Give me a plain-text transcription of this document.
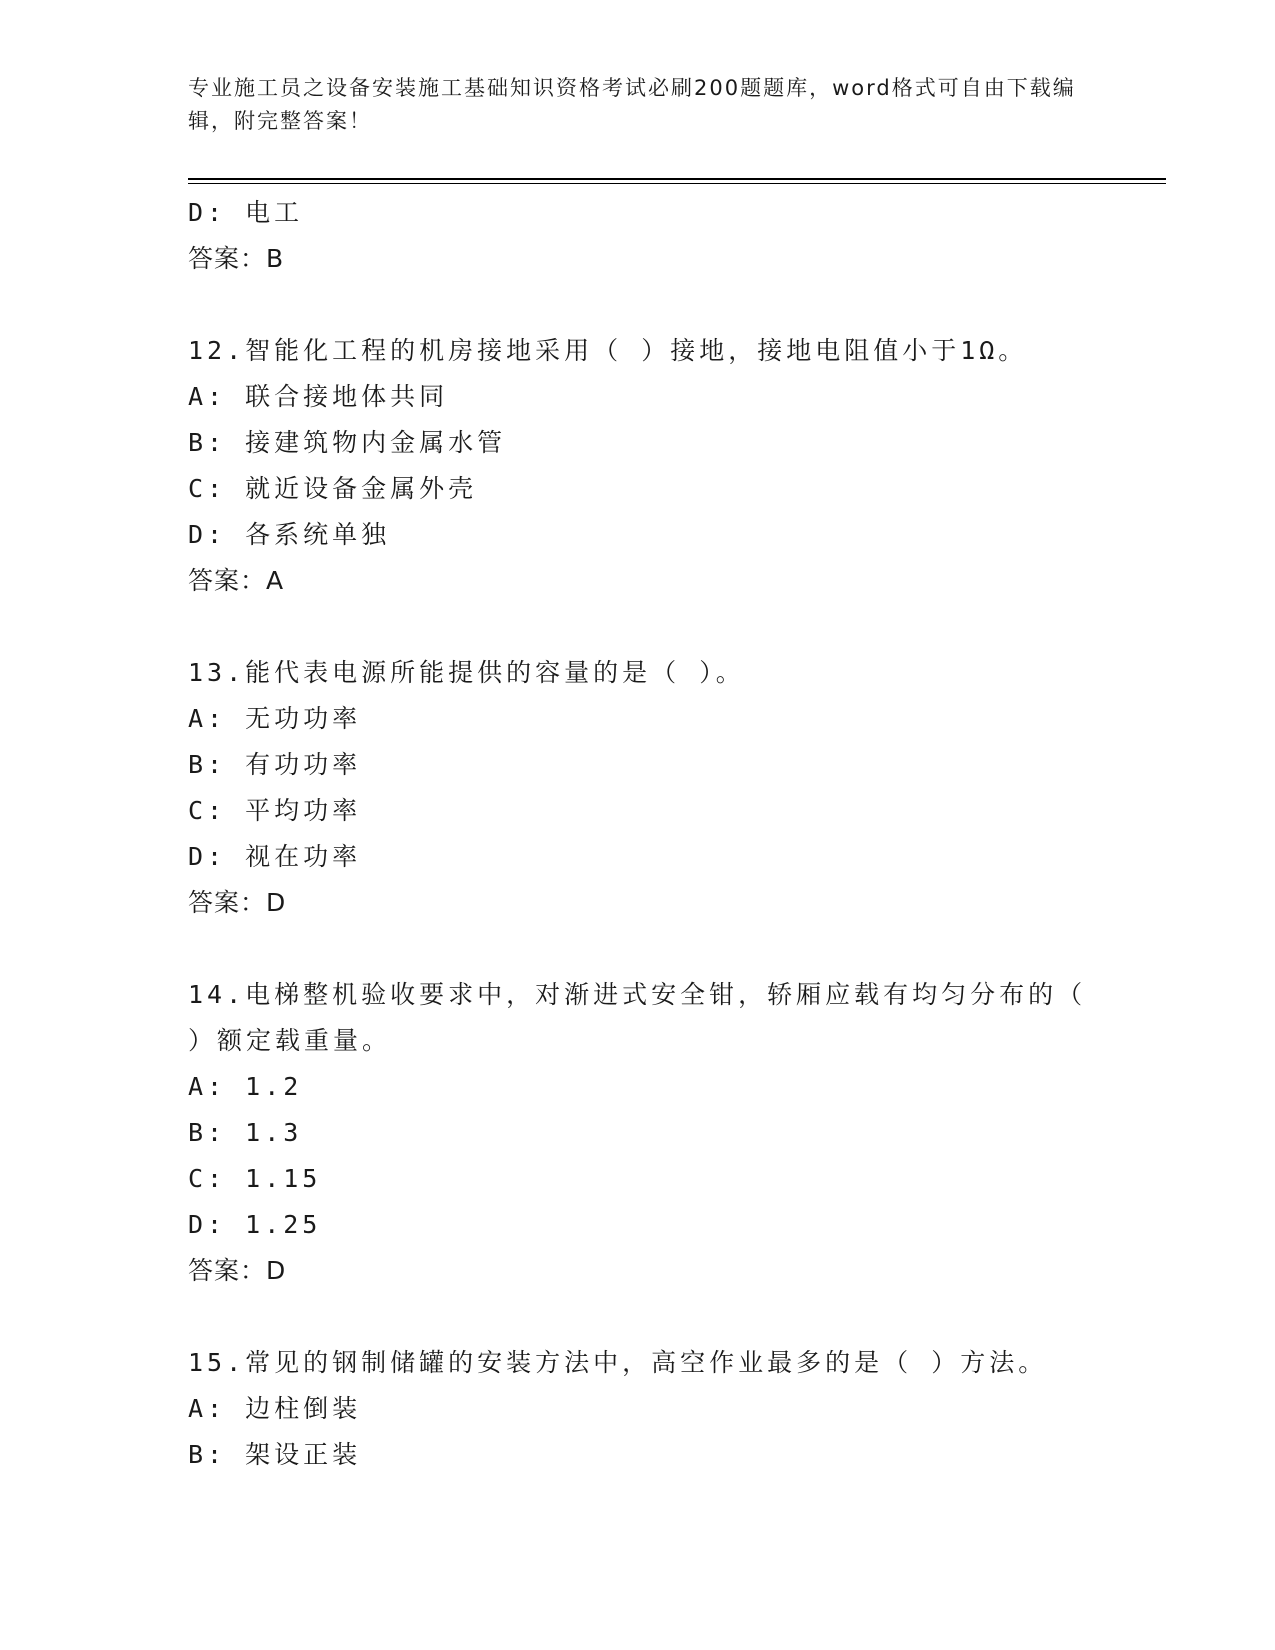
专业施工员之设备安装施工基础知识资格考试必刷200题题库，word格式可自由下载编辑，附完整答案！
D: 电工
答案：B
12.智能化工程的机房接地采用（ ）接地，接地电阻值小于1Ω。
A: 联合接地体共同
B: 接建筑物内金属水管
C: 就近设备金属外壳
D: 各系统单独
答案：A
13.能代表电源所能提供的容量的是（ ）。
A: 无功功率
B: 有功功率
C: 平均功率
D: 视在功率
答案：D
14.电梯整机验收要求中，对渐进式安全钳，轿厢应载有均匀分布的（ ）额定载重量。
A: 1.2
B: 1.3
C: 1.15
D: 1.25
答案：D
15.常见的钢制储罐的安装方法中，高空作业最多的是（ ）方法。
A: 边柱倒装
B: 架设正装
